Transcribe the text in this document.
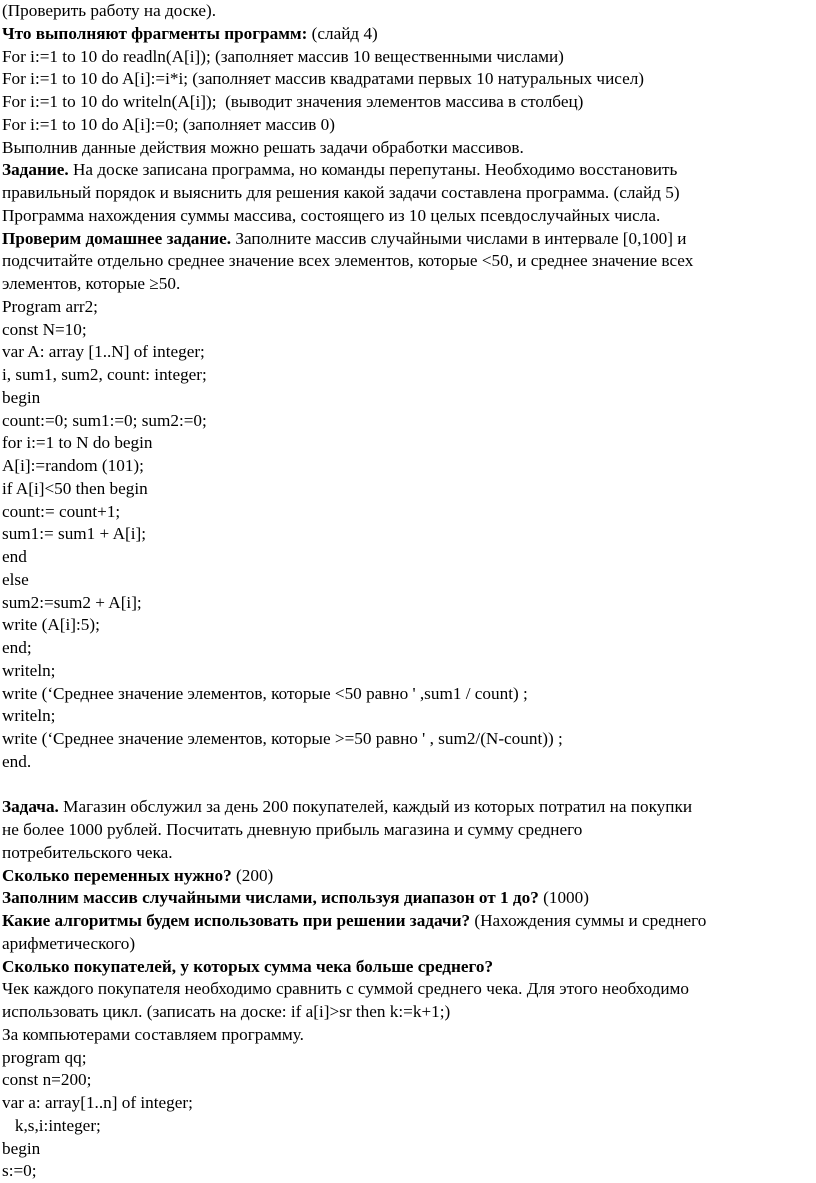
(Проверить работу на доске).
Что выполняют фрагменты программ: (слайд 4)
For i:=1 to 10 do readln(A[i]); (заполняет массив 10 вещественными числами)
For i:=1 to 10 do A[i]:=i*i; (заполняет массив квадратами первых 10 натуральных чисел)
For i:=1 to 10 do writeln(A[i]);  (выводит значения элементов массива в столбец)
For i:=1 to 10 do A[i]:=0; (заполняет массив 0)
Выполнив данные действия можно решать задачи обработки массивов.
Задание. На доске записана программа, но команды перепутаны. Необходимо восстановить
правильный порядок и выяснить для решения какой задачи составлена программа. (слайд 5)
Программа нахождения суммы массива, состоящего из 10 целых псевдослучайных числа.
Проверим домашнее задание. Заполните массив случайными числами в интервале [0,100] и
подсчитайте отдельно среднее значение всех элементов, которые <50, и среднее значение всех
элементов, которые ≥50.
Program arr2;
const N=10;
var A: array [1..N] of integer;
i, sum1, sum2, count: integer;
begin
count:=0; sum1:=0; sum2:=0;
for i:=1 to N do begin
A[i]:=random (101);
if A[i]<50 then begin
count:= count+1;
sum1:= sum1 + A[i];
end
else
sum2:=sum2 + A[i];
write (A[i]:5);
end;
writeln;
write (‘Среднее значение элементов, которые <50 равно ' ,sum1 / count) ;
writeln;
write (‘Среднее значение элементов, которые >=50 равно ' , sum2/(N-count)) ;
end.
Задача. Магазин обслужил за день 200 покупателей, каждый из которых потратил на покупки
не более 1000 рублей. Посчитать дневную прибыль магазина и сумму среднего
потребительского чека.
Сколько переменных нужно? (200)
Заполним массив случайными числами, используя диапазон от 1 до? (1000)
Какие алгоритмы будем использовать при решении задачи? (Нахождения суммы и среднего
арифметического)
Сколько покупателей, у которых сумма чека больше среднего?
Чек каждого покупателя необходимо сравнить с суммой среднего чека. Для этого необходимо
использовать цикл. (записать на доске: if a[i]>sr then k:=k+1;)
За компьютерами составляем программу.
program qq;
const n=200;
var a: array[1..n] of integer;
k,s,i:integer;
begin
s:=0;
